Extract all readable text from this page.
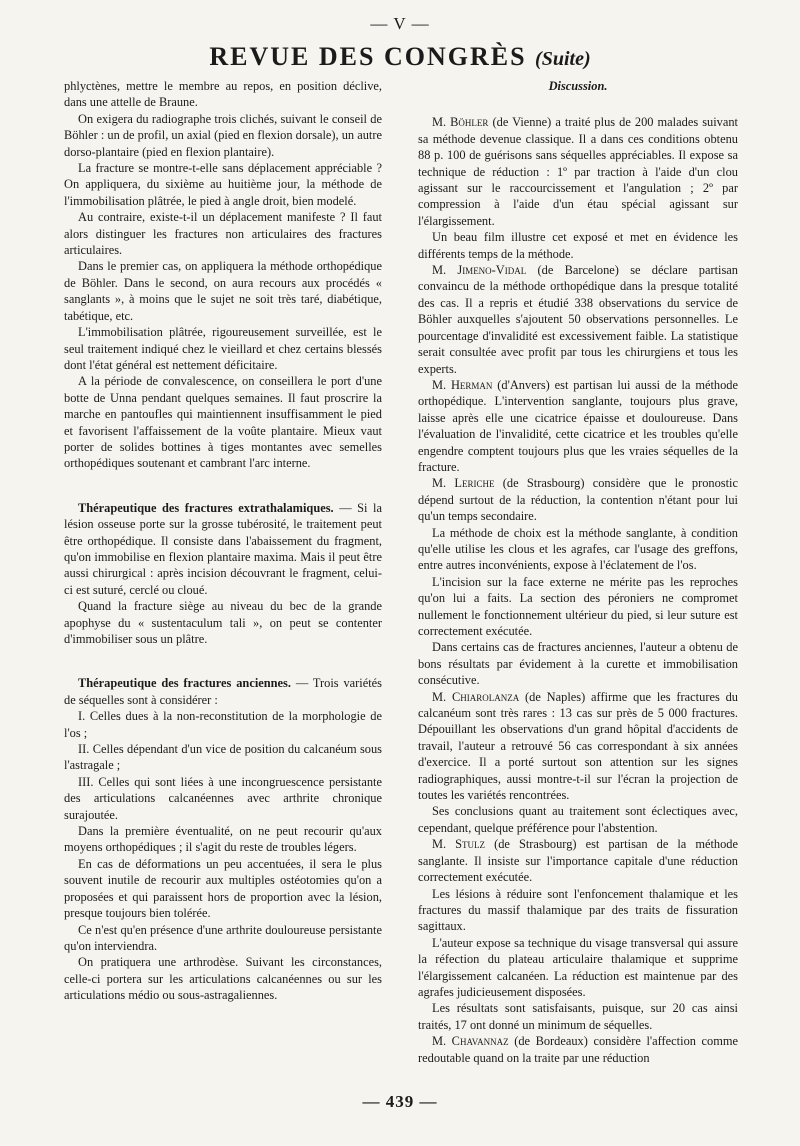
— V —
REVUE DES CONGRÈS (Suite)

phlyctènes, mettre le membre au repos, en position déclive, dans une attelle de Braune.

On exigera du radiographe trois clichés, suivant le conseil de Böhler : un de profil, un axial (pied en flexion dorsale), un autre dorso-plantaire (pied en flexion plantaire).

La fracture se montre-t-elle sans déplacement appréciable ? On appliquera, du sixième au huitième jour, la méthode de l'immobilisation plâtrée, le pied à angle droit, bien modelé.

Au contraire, existe-t-il un déplacement manifeste ? Il faut alors distinguer les fractures non articulaires des fractures articulaires.

Dans le premier cas, on appliquera la méthode orthopédique de Böhler. Dans le second, on aura recours aux procédés « sanglants », à moins que le sujet ne soit très taré, diabétique, tabétique, etc.

L'immobilisation plâtrée, rigoureusement surveillée, est le seul traitement indiqué chez le vieillard et chez certains blessés dont l'état général est nettement déficitaire.

A la période de convalescence, on conseillera le port d'une botte de Unna pendant quelques semaines. Il faut proscrire la marche en pantoufles qui maintiennent insuffisamment le pied et favorisent l'affaissement de la voûte plantaire. Mieux vaut porter de solides bottines à tiges montantes avec semelles orthopédiques soutenant et cambrant l'arc interne.

Thérapeutique des fractures extrathalamiques. — Si la lésion osseuse porte sur la grosse tubérosité, le traitement peut être orthopédique. Il consiste dans l'abaissement du fragment, qu'on immobilise en flexion plantaire maxima. Mais il peut être aussi chirurgical : après incision découvrant le fragment, celui-ci est suturé, cerclé ou cloué.

Quand la fracture siège au niveau du bec de la grande apophyse du « sustentaculum tali », on peut se contenter d'immobiliser sous un plâtre.

Thérapeutique des fractures anciennes. — Trois variétés de séquelles sont à considérer :

I. Celles dues à la non-reconstitution de la morphologie de l'os ;

II. Celles dépendant d'un vice de position du calcanéum sous l'astragale ;

III. Celles qui sont liées à une incongruescence persistante des articulations calcanéennes avec arthrite chronique surajoutée.

Dans la première éventualité, on ne peut recourir qu'aux moyens orthopédiques ; il s'agit du reste de troubles légers.

En cas de déformations un peu accentuées, il sera le plus souvent inutile de recourir aux multiples ostéotomies qu'on a proposées et qui paraissent hors de proportion avec la lésion, presque toujours bien tolérée.

Ce n'est qu'en présence d'une arthrite douloureuse persistante qu'on interviendra.

On pratiquera une arthrodèse. Suivant les circonstances, celle-ci portera sur les articulations calcanéennes ou sur les articulations médio ou sous-astragaliennes.

Discussion.

M. Böhler (de Vienne) a traité plus de 200 malades suivant sa méthode devenue classique. Il a dans ces conditions obtenu 88 p. 100 de guérisons sans séquelles appréciables. Il expose sa technique de réduction : 1º par traction à l'aide d'un clou agissant sur le raccourcissement et l'angulation ; 2º par compression à l'aide d'un étau spécial agissant sur l'élargissement.

Un beau film illustre cet exposé et met en évidence les différents temps de la méthode.

M. Jimeno-Vidal (de Barcelone) se déclare partisan convaincu de la méthode orthopédique dans la presque totalité des cas. Il a repris et étudié 338 observations du service de Böhler auxquelles s'ajoutent 50 observations personnelles. Le pourcentage d'invalidité est excessivement faible. La statistique serait consultée avec profit par tous les chirurgiens et tous les experts.

M. Herman (d'Anvers) est partisan lui aussi de la méthode orthopédique. L'intervention sanglante, toujours plus grave, laisse après elle une cicatrice épaisse et douloureuse. Dans l'évaluation de l'invalidité, cette cicatrice et les troubles qu'elle engendre comptent toujours plus que les vraies séquelles de la fracture.

M. Leriche (de Strasbourg) considère que le pronostic dépend surtout de la réduction, la contention n'étant pour lui qu'un temps secondaire.

La méthode de choix est la méthode sanglante, à condition qu'elle utilise les clous et les agrafes, car l'usage des greffons, entre autres inconvénients, expose à l'éclatement de l'os.

L'incision sur la face externe ne mérite pas les reproches qu'on lui a faits. La section des péroniers ne compromet nullement le fonctionnement ultérieur du pied, si leur suture est correctement exécutée.

Dans certains cas de fractures anciennes, l'auteur a obtenu de bons résultats par évidement à la curette et immobilisation consécutive.

M. Chiarolanza (de Naples) affirme que les fractures du calcanéum sont très rares : 13 cas sur près de 5 000 fractures. Dépouillant les observations d'un grand hôpital d'accidents de travail, l'auteur a retrouvé 56 cas correspondant à six années d'exercice. Il a porté surtout son attention sur les signes radiographiques, aussi montre-t-il sur l'écran la projection de toutes les variétés rencontrées.

Ses conclusions quant au traitement sont éclectiques avec, cependant, quelque préférence pour l'abstention.

M. Stulz (de Strasbourg) est partisan de la méthode sanglante. Il insiste sur l'importance capitale d'une réduction correctement exécutée.

Les lésions à réduire sont l'enfoncement thalamique et les fractures du massif thalamique par des traits de fissuration sagittaux.

L'auteur expose sa technique du visage transversal qui assure la réfection du plateau articulaire thalamique et supprime l'élargissement calcanéen. La réduction est maintenue par des agrafes judicieusement disposées.

Les résultats sont satisfaisants, puisque, sur 20 cas ainsi traités, 17 ont donné un minimum de séquelles.

M. Chavannaz (de Bordeaux) considère l'affection comme redoutable quand on la traite par une réduction

— 439 —
